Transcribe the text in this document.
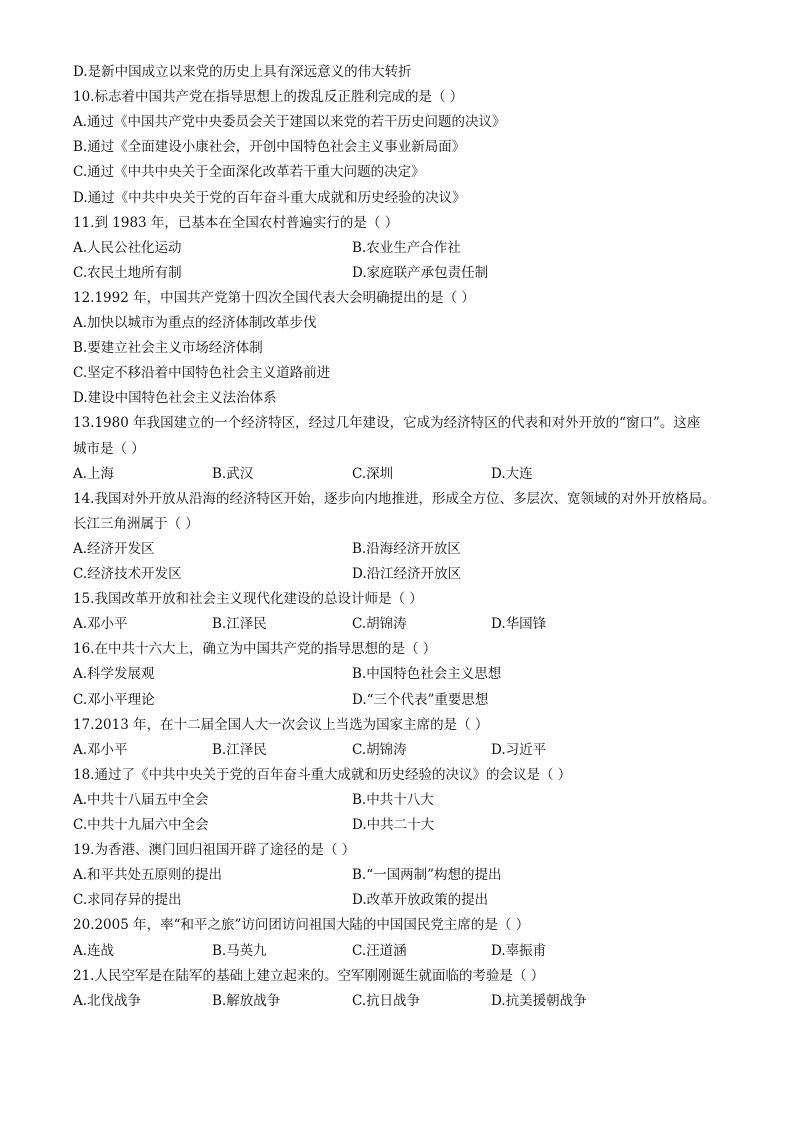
D.是新中国成立以来党的历史上具有深远意义的伟大转折
10.标志着中国共产党在指导思想上的拨乱反正胜利完成的是（ ）
A.通过《中国共产党中央委员会关于建国以来党的若干历史问题的决议》
B.通过《全面建设小康社会，开创中国特色社会主义事业新局面》
C.通过《中共中央关于全面深化改革若干重大问题的决定》
D.通过《中共中央关于党的百年奋斗重大成就和历史经验的决议》
11.到 1983 年，已基本在全国农村普遍实行的是（ ）
A.人民公社化运动	B.农业生产合作社
C.农民土地所有制	D.家庭联产承包责任制
12.1992 年，中国共产党第十四次全国代表大会明确提出的是（ ）
A.加快以城市为重点的经济体制改革步伐
B.要建立社会主义市场经济体制
C.坚定不移沿着中国特色社会主义道路前进
D.建设中国特色社会主义法治体系
13.1980 年我国建立的一个经济特区，经过几年建设，它成为经济特区的代表和对外开放的“窗口”。这座
城市是（ ）
A.上海	B.武汉	C.深圳	D.大连
14.我国对外开放从沿海的经济特区开始，逐步向内地推进，形成全方位、多层次、宽领域的对外开放格局。
长江三角洲属于（ ）
A.经济开发区	B.沿海经济开放区
C.经济技术开发区	D.沿江经济开放区
15.我国改革开放和社会主义现代化建设的总设计师是（ ）
A.邓小平	B.江泽民	C.胡锦涛	D.华国锋
16.在中共十六大上，确立为中国共产党的指导思想的是（ ）
A.科学发展观	B.中国特色社会主义思想
C.邓小平理论	D.“三个代表”重要思想
17.2013 年，在十二届全国人大一次会议上当选为国家主席的是（ ）
A.邓小平	B.江泽民	C.胡锦涛	D.习近平
18.通过了《中共中央关于党的百年奋斗重大成就和历史经验的决议》的会议是（ ）
A.中共十八届五中全会	B.中共十八大
C.中共十九届六中全会	D.中共二十大
19.为香港、澳门回归祖国开辟了途径的是（ ）
A.和平共处五原则的提出	B.“一国两制”构想的提出
C.求同存异的提出	D.改革开放政策的提出
20.2005 年，率“和平之旅”访问团访问祖国大陆的中国国民党主席的是（ ）
A.连战	B.马英九	C.汪道涵	D.辜振甫
21.人民空军是在陆军的基础上建立起来的。空军刚刚诞生就面临的考验是（ ）
A.北伐战争	B.解放战争	C.抗日战争	D.抗美援朝战争
